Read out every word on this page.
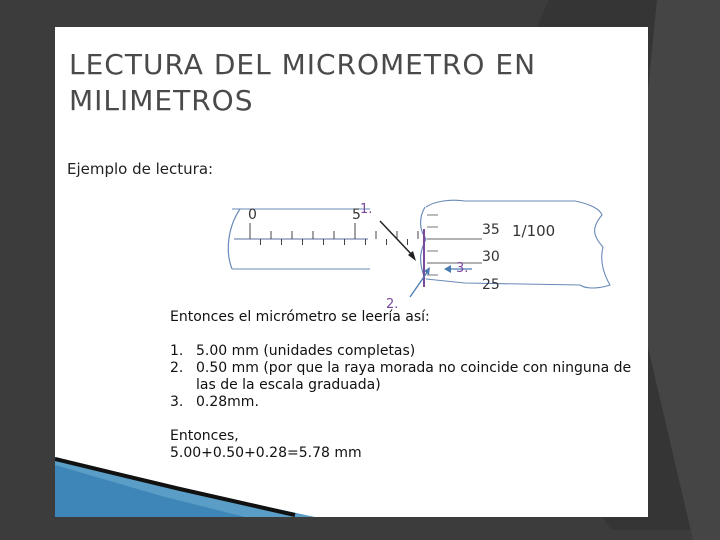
LECTURA DEL MICROMETRO EN MILIMETROS

Ejemplo de lectura:

0	5
35
30
25
1/100
1.
2.
3.

Entonces el micrómetro se leería así:

1. 5.00 mm (unidades completas)
2. 0.50 mm (por que la raya morada no coincide con ninguna de las de la escala graduada)
3. 0.28mm.

Entonces,

5.00+0.50+0.28=5.78 mm
